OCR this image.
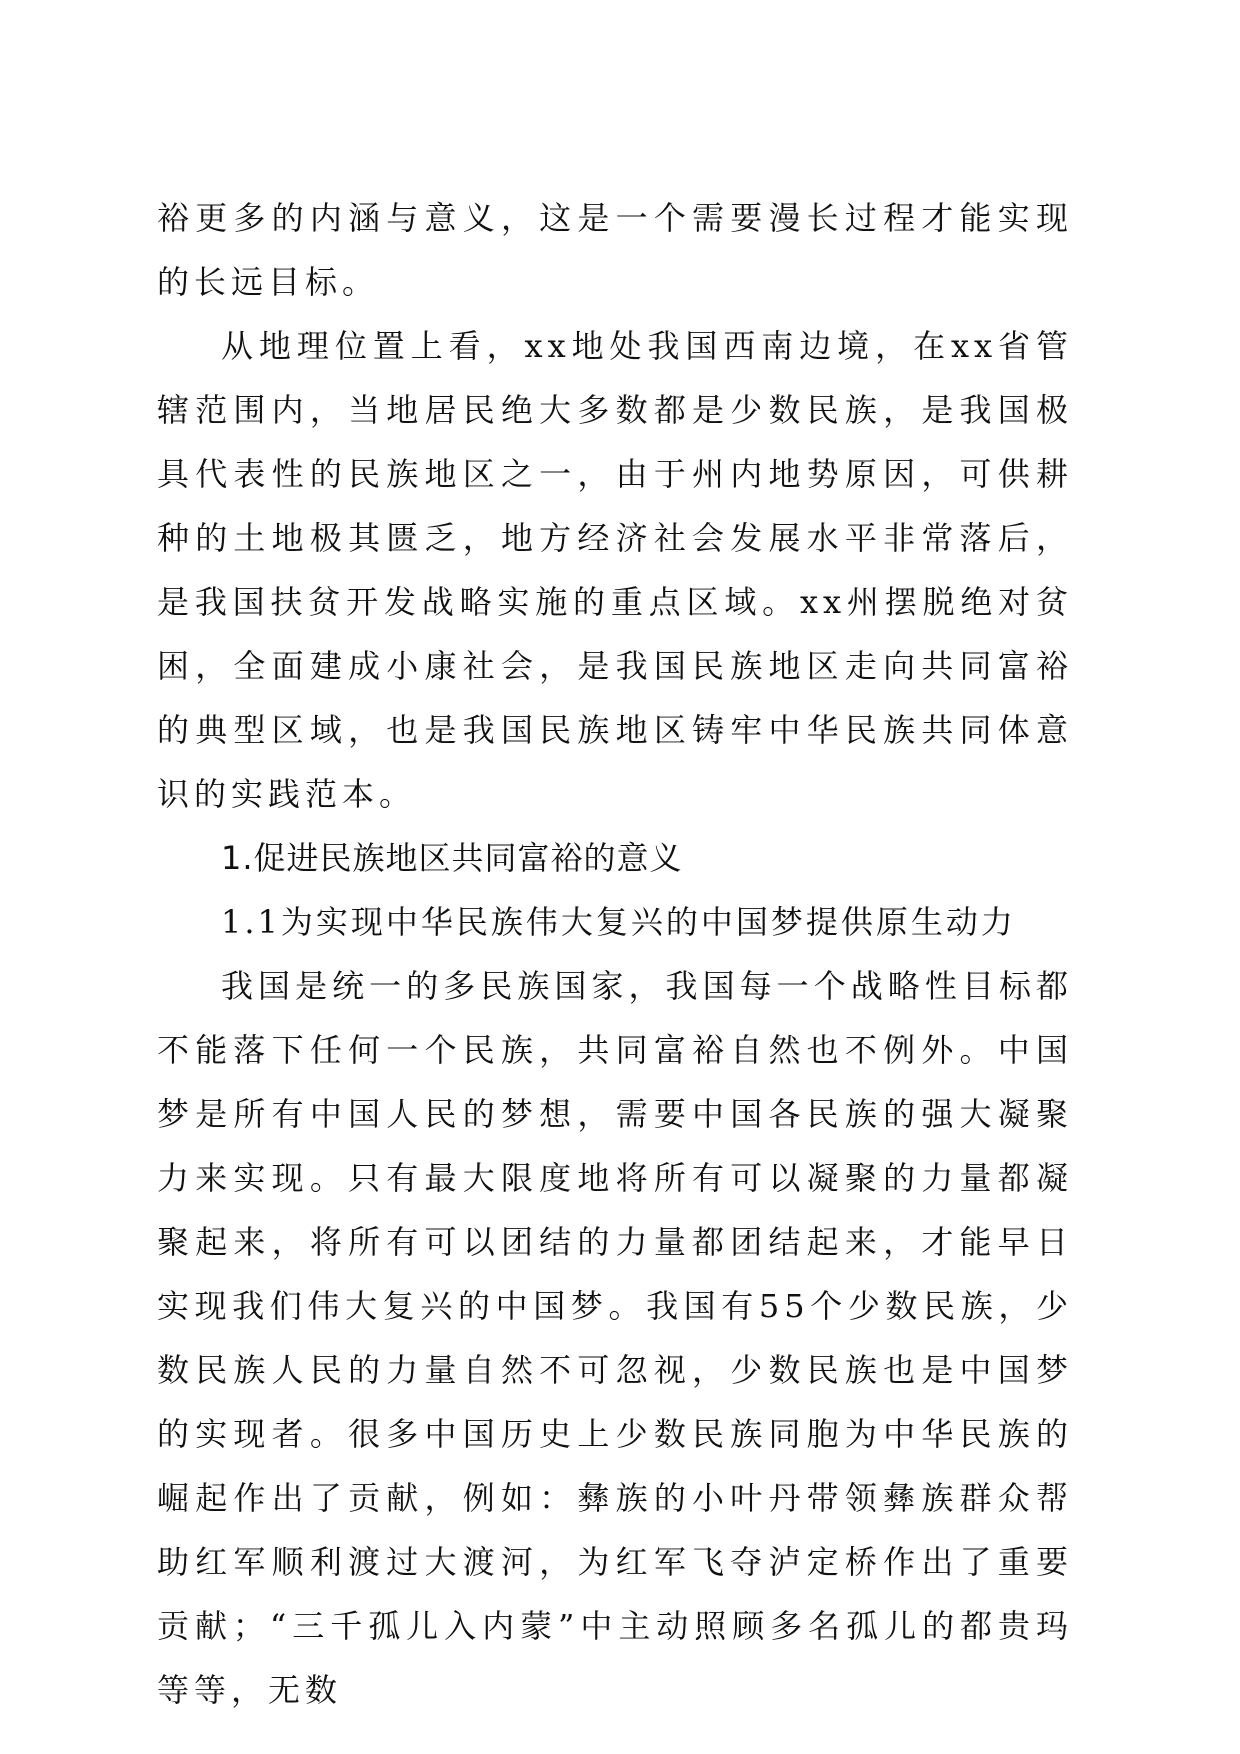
裕更多的内涵与意义，这是一个需要漫长过程才能实现的长远目标。

从地理位置上看，xx地处我国西南边境，在xx省管辖范围内，当地居民绝大多数都是少数民族，是我国极具代表性的民族地区之一，由于州内地势原因，可供耕种的土地极其匮乏，地方经济社会发展水平非常落后，是我国扶贫开发战略实施的重点区域。xx州摆脱绝对贫困，全面建成小康社会，是我国民族地区走向共同富裕的典型区域，也是我国民族地区铸牢中华民族共同体意识的实践范本。

1.促进民族地区共同富裕的意义

1.1为实现中华民族伟大复兴的中国梦提供原生动力

我国是统一的多民族国家，我国每一个战略性目标都不能落下任何一个民族，共同富裕自然也不例外。中国梦是所有中国人民的梦想，需要中国各民族的强大凝聚力来实现。只有最大限度地将所有可以凝聚的力量都凝聚起来，将所有可以团结的力量都团结起来，才能早日实现我们伟大复兴的中国梦。我国有55个少数民族，少数民族人民的力量自然不可忽视，少数民族也是中国梦的实现者。很多中国历史上少数民族同胞为中华民族的崛起作出了贡献，例如：彝族的小叶丹带领彝族群众帮助红军顺利渡过大渡河，为红军飞夺泸定桥作出了重要贡献；“三千孤儿入内蒙”中主动照顾多名孤儿的都贵玛等等，无数
